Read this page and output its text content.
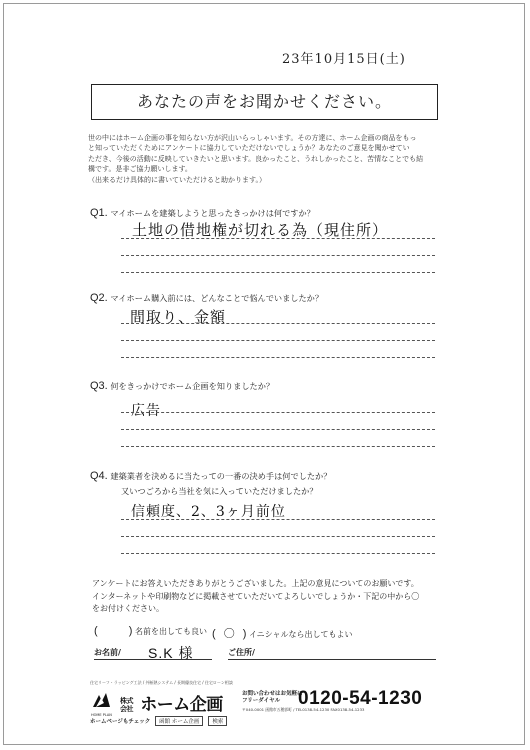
23年10月15日(土)
あなたの声をお聞かせください。
世の中にはホーム企画の事を知らない方が沢山いらっしゃいます。その方達に、ホーム企画の商品をもっ
と知っていただくためにアンケートに協力していただけないでしょうか？あなたのご意見を聞かせてい
ただき、今後の活動に反映していきたいと思います。良かったこと、うれしかったこと、苦情なことでも結
構です。是非ご協力願いします。
（出来るだけ具体的に書いていただけると助かります。）
Q1. マイホームを建築しようと思ったきっかけは何ですか？
土地の借地権が切れる為（現住所）
Q2. マイホーム購入前には、どんなことで悩んでいましたか？
間取り、金額
Q3. 何をきっかけでホーム企画を知りましたか？
広告
Q4. 建築業者を決めるに当たっての一番の決め手は何でしたか？
又いつごろから当社を気に入っていただけましたか？
信頼度、2、3ヶ月前位
アンケートにお答えいただきありがとうございました。上記の意見についてのお願いです。
インターネットや印刷物などに掲載させていただいてよろしいでしょうか・下記の中から〇
をお付けください。
(	) 名前を出しても良い ( 〇 ) イニシャルなら出してもよい
お名前/ S.K 様	ご住所/
住宅リーフ・ラッピング工法 / 外断熱システム / 長期優良住宅 / 住宅ローン相談
HOME PLAN
株式会社 ホーム企画
お問い合わせはお気軽に
フリーダイヤル 0120-54-1230
〒040-0001 函館市五稜郭町 / TEL0138-54-1230 FAX0138-54-1233
ホームページもチェック 函館 ホーム企画 検索
